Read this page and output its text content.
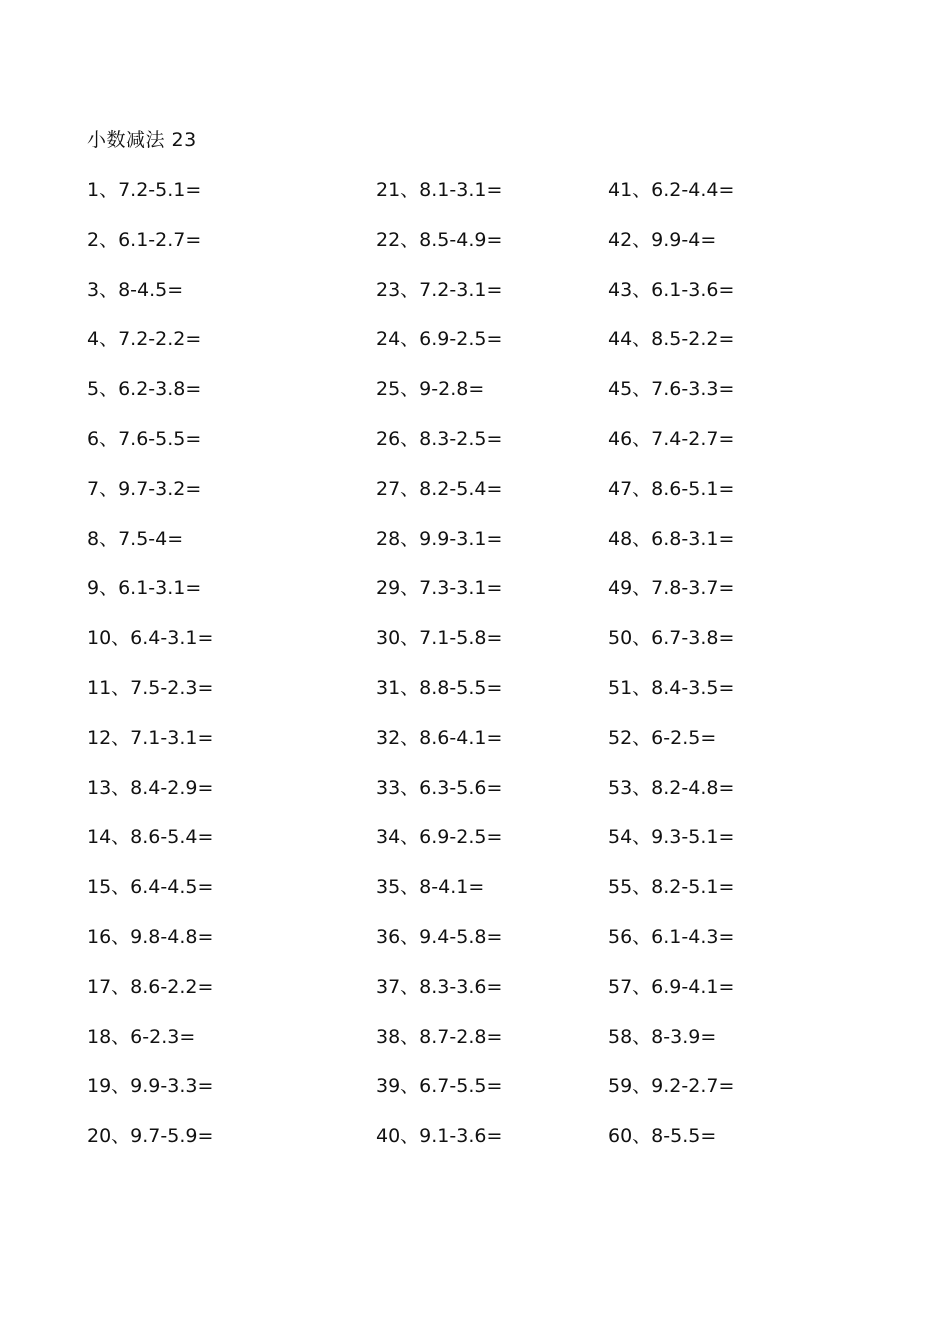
小数减法 23
1、7.2-5.1=
2、6.1-2.7=
3、8-4.5=
4、7.2-2.2=
5、6.2-3.8=
6、7.6-5.5=
7、9.7-3.2=
8、7.5-4=
9、6.1-3.1=
10、6.4-3.1=
11、7.5-2.3=
12、7.1-3.1=
13、8.4-2.9=
14、8.6-5.4=
15、6.4-4.5=
16、9.8-4.8=
17、8.6-2.2=
18、6-2.3=
19、9.9-3.3=
20、9.7-5.9=
21、8.1-3.1=
22、8.5-4.9=
23、7.2-3.1=
24、6.9-2.5=
25、9-2.8=
26、8.3-2.5=
27、8.2-5.4=
28、9.9-3.1=
29、7.3-3.1=
30、7.1-5.8=
31、8.8-5.5=
32、8.6-4.1=
33、6.3-5.6=
34、6.9-2.5=
35、8-4.1=
36、9.4-5.8=
37、8.3-3.6=
38、8.7-2.8=
39、6.7-5.5=
40、9.1-3.6=
41、6.2-4.4=
42、9.9-4=
43、6.1-3.6=
44、8.5-2.2=
45、7.6-3.3=
46、7.4-2.7=
47、8.6-5.1=
48、6.8-3.1=
49、7.8-3.7=
50、6.7-3.8=
51、8.4-3.5=
52、6-2.5=
53、8.2-4.8=
54、9.3-5.1=
55、8.2-5.1=
56、6.1-4.3=
57、6.9-4.1=
58、8-3.9=
59、9.2-2.7=
60、8-5.5=
